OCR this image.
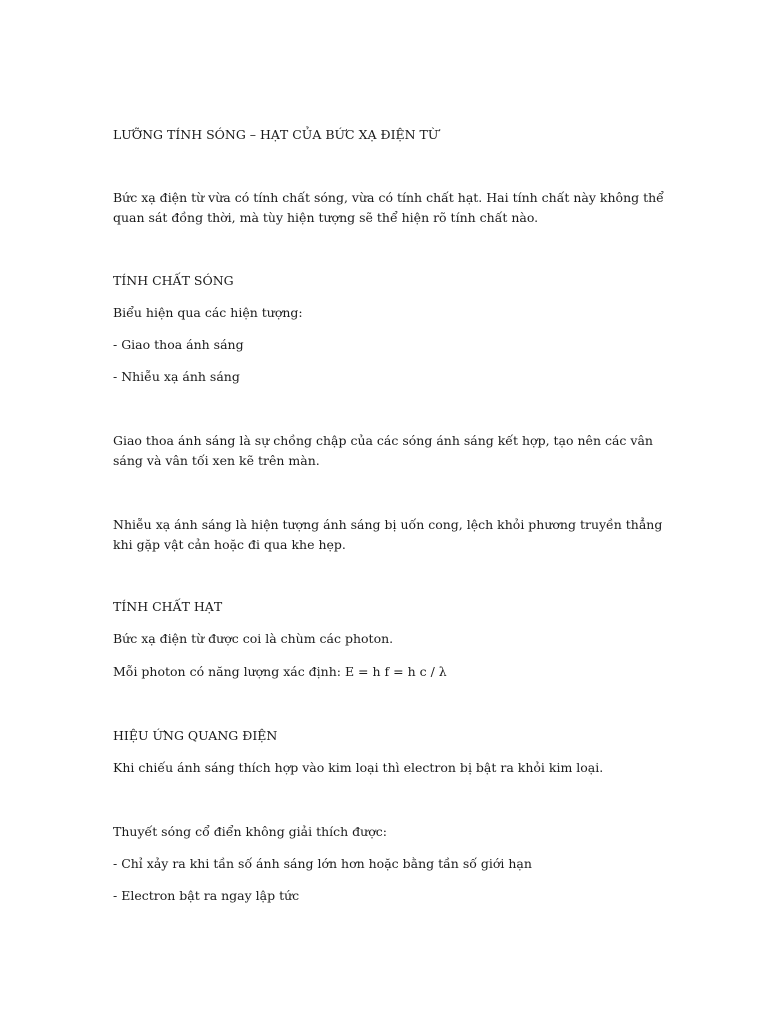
LƯỠNG TÍNH SÓNG – HẠT CỦA BỨC XẠ ĐIỆN TỪ

Bức xạ điện từ vừa có tính chất sóng, vừa có tính chất hạt. Hai tính chất này không thể quan sát đồng thời, mà tùy hiện tượng sẽ thể hiện rõ tính chất nào.

TÍNH CHẤT SÓNG

Biểu hiện qua các hiện tượng:

- Giao thoa ánh sáng

- Nhiễu xạ ánh sáng

Giao thoa ánh sáng là sự chồng chập của các sóng ánh sáng kết hợp, tạo nên các vân sáng và vân tối xen kẽ trên màn.

Nhiễu xạ ánh sáng là hiện tượng ánh sáng bị uốn cong, lệch khỏi phương truyền thẳng khi gặp vật cản hoặc đi qua khe hẹp.

TÍNH CHẤT HẠT

Bức xạ điện từ được coi là chùm các photon.

Mỗi photon có năng lượng xác định: E = h f = h c / λ

HIỆU ỨNG QUANG ĐIỆN

Khi chiếu ánh sáng thích hợp vào kim loại thì electron bị bật ra khỏi kim loại.

Thuyết sóng cổ điển không giải thích được:

- Chỉ xảy ra khi tần số ánh sáng lớn hơn hoặc bằng tần số giới hạn

- Electron bật ra ngay lập tức
